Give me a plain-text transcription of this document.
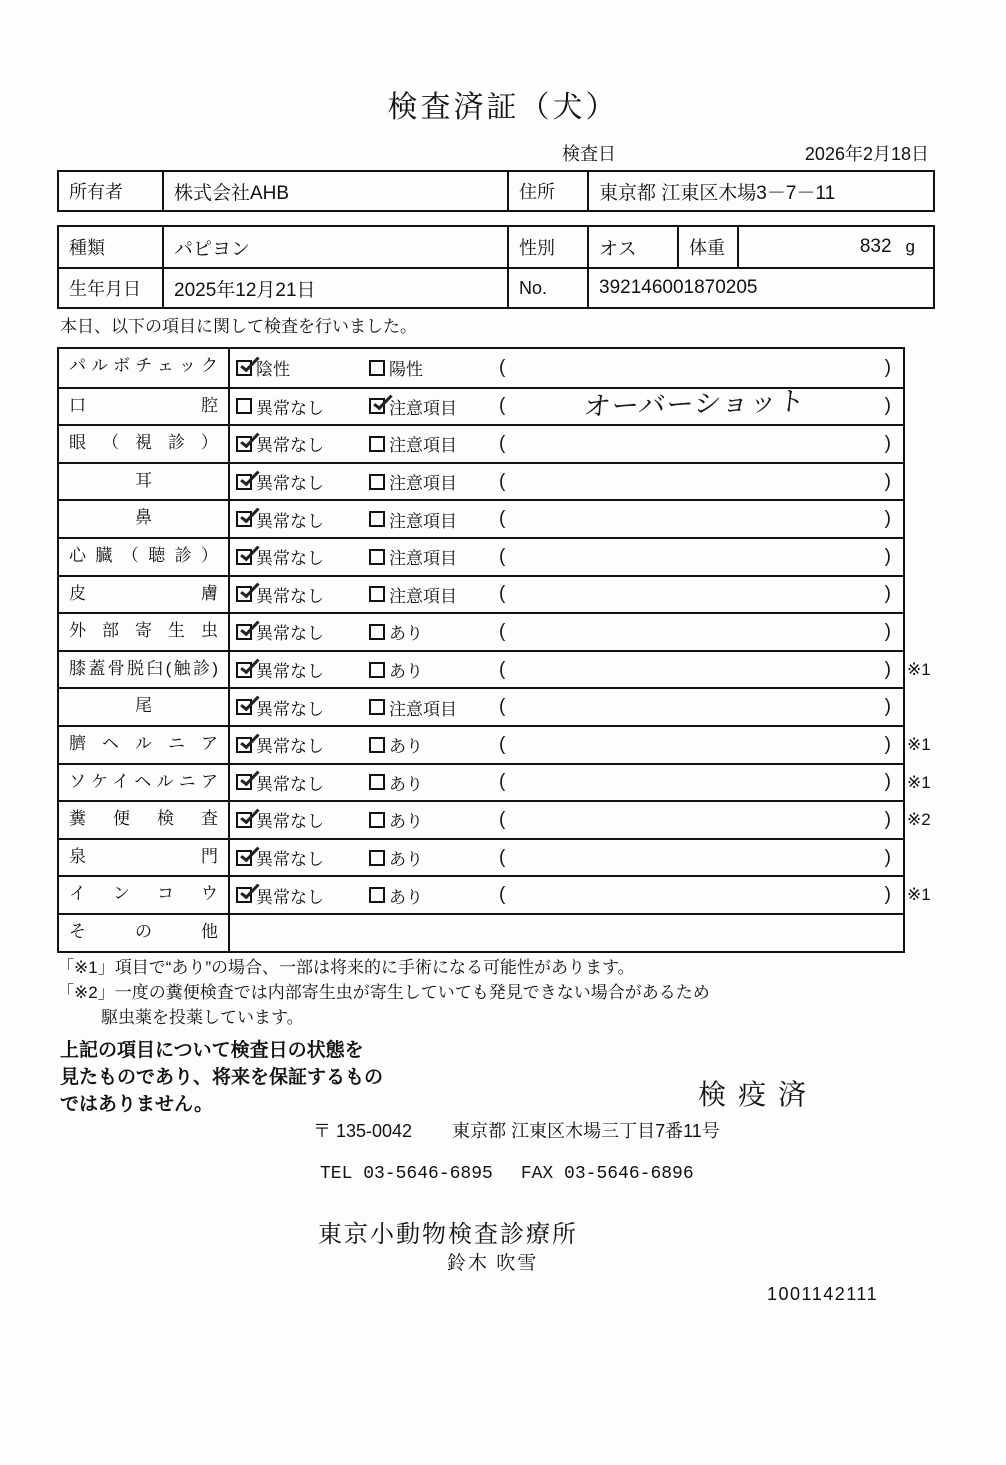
検査済証（犬）
検査日	2026年2月18日
所有者	株式会社AHB	住所	東京都 江東区木場3－7－11
種類	パピヨン	性別	オス	体重	832 g
生年月日	2025年12月21日	No.	392146001870205
本日、以下の項目に関して検査を行いました。
パルボチェック	陰性	陽性	(	)
口腔	異常なし	注意項目 (	オーバーショット	)
眼（視診）	異常なし	注意項目 (	)
耳	異常なし	注意項目 (	)
鼻	異常なし	注意項目 (	)
心臓（聴診）	異常なし	注意項目 (	)
皮膚	異常なし	注意項目 (	)
外部寄生虫	異常なし	あり	(	)
膝蓋骨脱臼(触診)	異常なし	あり	(	) ※1
尾	異常なし	注意項目 (	)
臍ヘルニア	異常なし	あり	(	) ※1
ソケイヘルニア	異常なし	あり	(	) ※1
糞便検査	異常なし	あり	(	) ※2
泉門	異常なし	あり	(	)
インコウ	異常なし	あり	(	) ※1
その他
「※1」項目で“あり”の場合、一部は将来的に手術になる可能性があります。
「※2」一度の糞便検査では内部寄生虫が寄生していても発見できない場合があるため
駆虫薬を投薬しています。
上記の項目について検査日の状態を
見たものであり、将来を保証するもの
ではありません。	検疫済
〒 135-0042 東京都 江東区木場三丁目7番11号
TEL 03-5646-6895 FAX 03-5646-6896
東京小動物検査診療所
鈴木 吹雪
1001142111
